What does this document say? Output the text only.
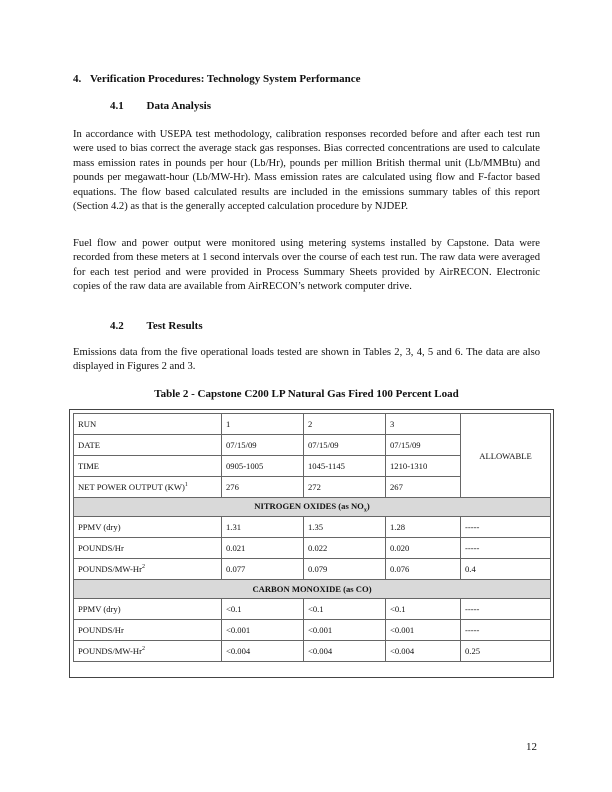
4. Verification Procedures: Technology System Performance
4.1 Data Analysis

In accordance with USEPA test methodology, calibration responses recorded before and after each test run were used to bias correct the average stack gas responses. Bias corrected concentrations are used to calculate mass emission rates in pounds per hour (Lb/Hr), pounds per million British thermal unit (Lb/MMBtu) and pounds per megawatt-hour (Lb/MW-Hr). Mass emission rates are calculated using flow and F-factor based equations. The flow based calculated results are included in the emissions summary tables of this report (Section 4.2) as that is the generally accepted calculation procedure by NJDEP.

Fuel flow and power output were monitored using metering systems installed by Capstone. Data were recorded from these meters at 1 second intervals over the course of each test run. The raw data were averaged for each test period and were provided in Process Summary Sheets provided by AirRECON. Electronic copies of the raw data are available from AirRECON’s network computer drive.

4.2 Test Results

Emissions data from the five operational loads tested are shown in Tables 2, 3, 4, 5 and 6. The data are also displayed in Figures 2 and 3.

Table 2 - Capstone C200 LP Natural Gas Fired 100 Percent Load
RUN	1	2	3	ALLOWABLE
DATE	07/15/09	07/15/09	07/15/09	
TIME	0905-1005	1045-1145	1210-1310	
NET POWER OUTPUT (KW)$^1$	276	272	267	
NITROGEN OXIDES (as $NO_x$)				
PPMV (dry)	1.31	1.35	1.28	-----
POUNDS/Hr	0.021	0.022	0.020	-----
POUNDS/MW-Hr$^2$	0.077	0.079	0.076	0.4
CARBON MONOXIDE (as CO)				
PPMV (dry)	<0.1	<0.1	<0.1	-----
POUNDS/Hr	<0.001	<0.001	<0.001	-----
POUNDS/$MW-Hr^2$	<0.004	<0.004	<0.004	0.25
12
